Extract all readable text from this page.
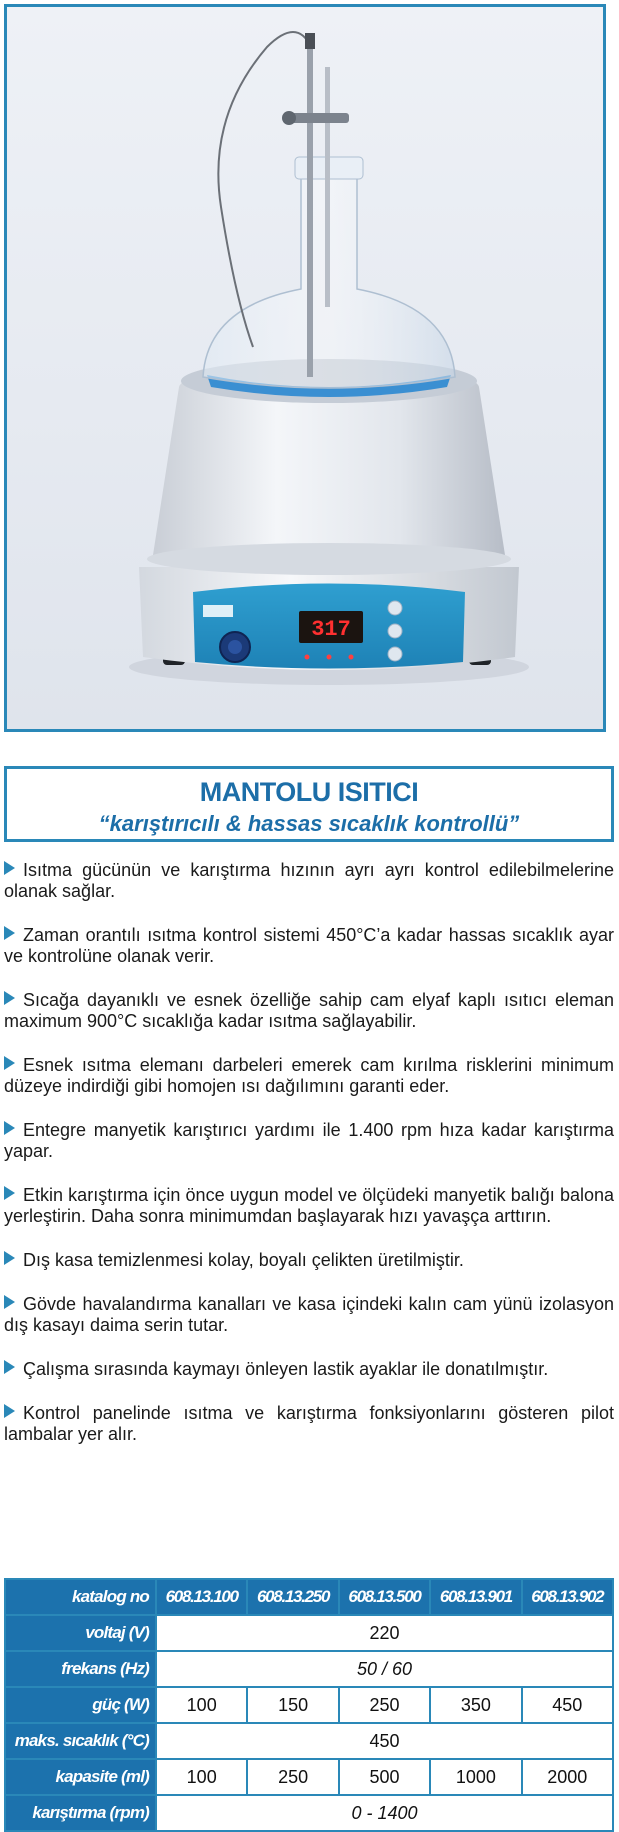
317
MANTOLU ISITICI
“karıştırıcılı & hassas sıcaklık kontrollü”
Isıtma gücünün ve karıştırma hızının ayrı ayrı kontrol edilebilmelerine olanak sağlar.
Zaman orantılı ısıtma kontrol sistemi 450°C’a kadar hassas sıcaklık ayar ve kontrolüne olanak verir.
Sıcağa dayanıklı ve esnek özelliğe sahip cam elyaf kaplı ısıtıcı eleman maximum 900°C sıcaklığa kadar ısıtma sağlayabilir.
Esnek ısıtma elemanı darbeleri emerek cam kırılma risklerini minimum düzeye indirdiği gibi homojen ısı dağılımını garanti eder.
Entegre manyetik karıştırıcı yardımı ile 1.400 rpm hıza kadar karıştırma yapar.
Etkin karıştırma için önce uygun model ve ölçüdeki manyetik balığı balona yerleştirin. Daha sonra minimumdan başlayarak hızı yavaşça arttırın.
Dış kasa temizlenmesi kolay, boyalı çelikten üretilmiştir.
Gövde havalandırma kanalları ve kasa içindeki kalın cam yünü izolasyon dış kasayı daima serin tutar.
Çalışma sırasında kaymayı önleyen lastik ayaklar ile donatılmıştır.
Kontrol panelinde ısıtma ve karıştırma fonksiyonlarını gösteren pilot lambalar yer alır.
katalog no	608.13.100	608.13.250	608.13.500	608.13.901	608.13.902
voltaj (V)	220				
frekans (Hz)	50 / 60				
güç (W)	100	150	250	350	450
maks. sıcaklık (°C)	450				
kapasite (ml)	100	250	500	1000	2000
karıştırma (rpm)	0 - 1400				
